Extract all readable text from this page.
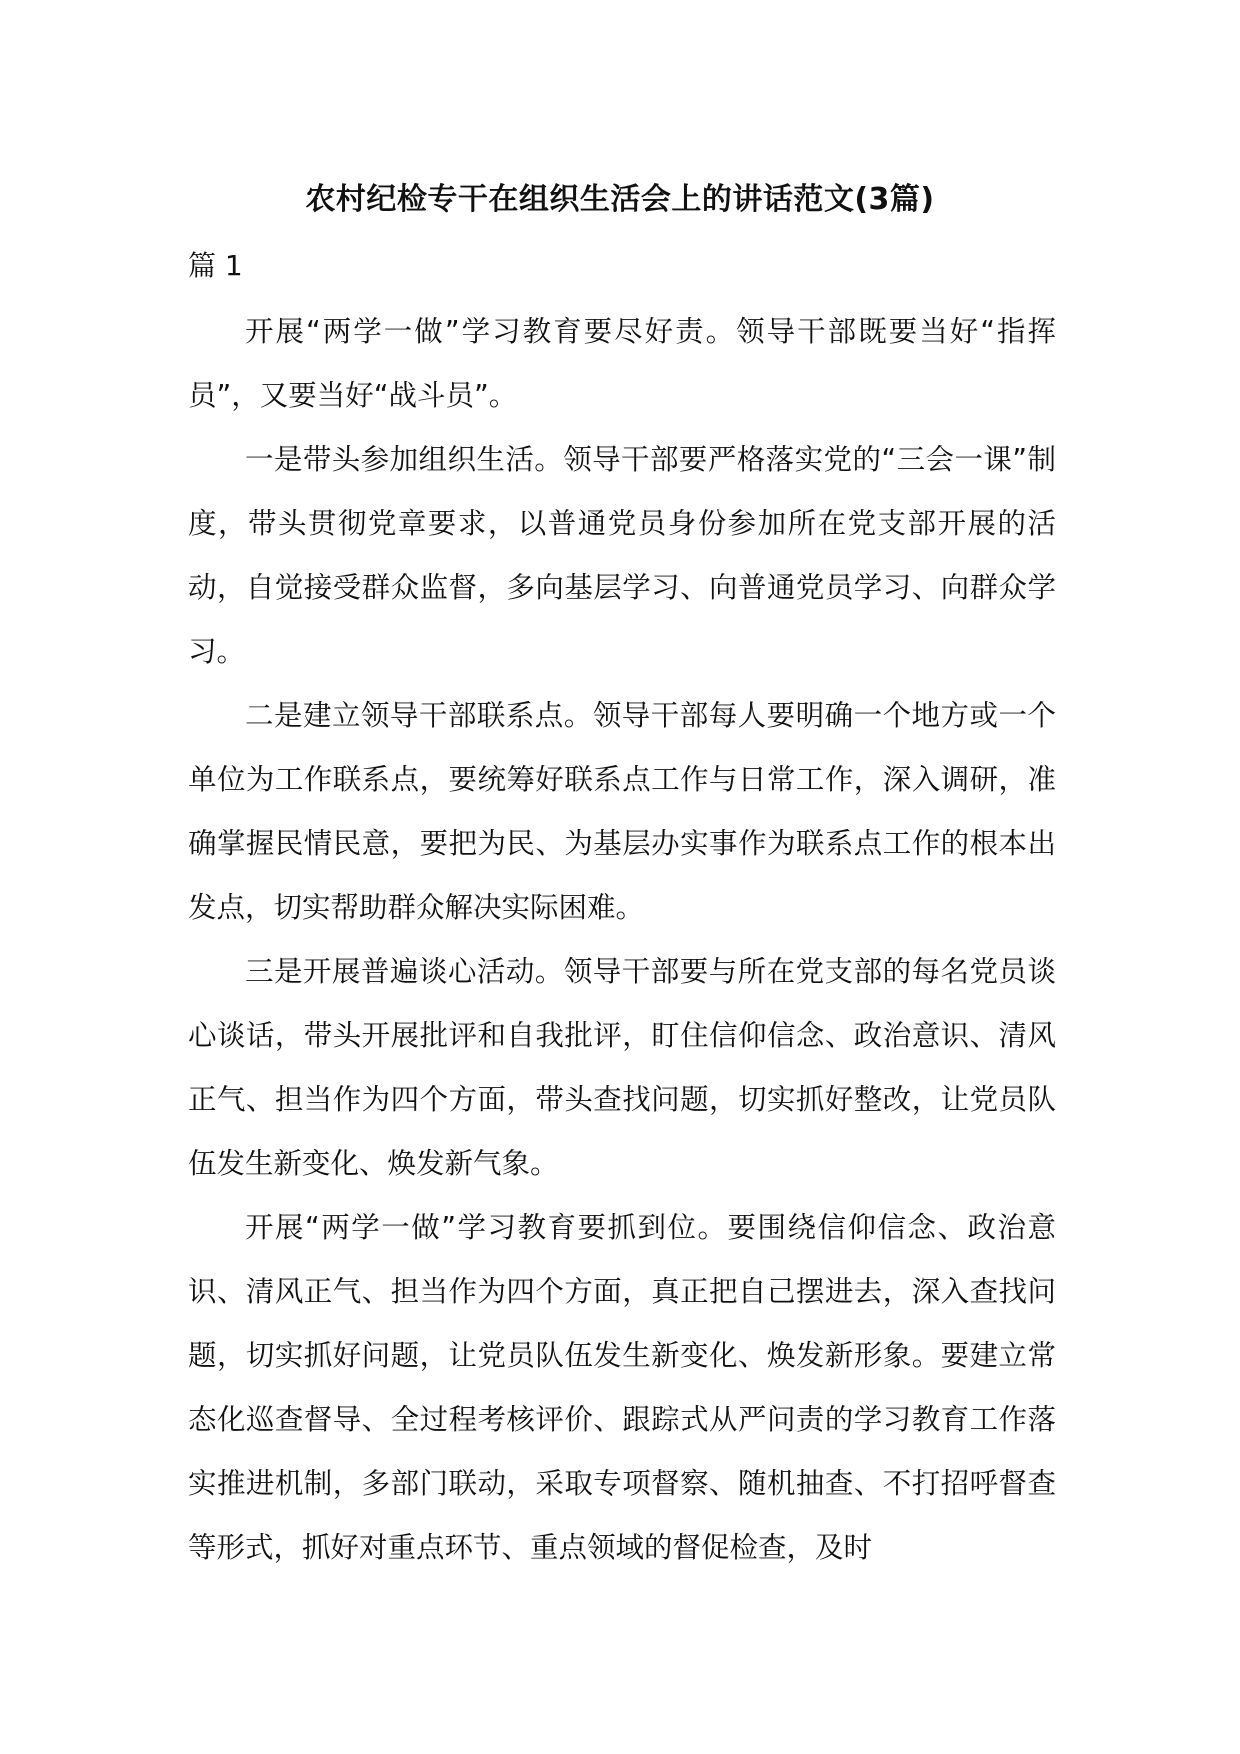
农村纪检专干在组织生活会上的讲话范文(3篇)
篇 1

开展“两学一做”学习教育要尽好责。领导干部既要当好“指挥员”，又要当好“战斗员”。

一是带头参加组织生活。领导干部要严格落实党的“三会一课”制度，带头贯彻党章要求，以普通党员身份参加所在党支部开展的活动，自觉接受群众监督，多向基层学习、向普通党员学习、向群众学习。

二是建立领导干部联系点。领导干部每人要明确一个地方或一个单位为工作联系点，要统筹好联系点工作与日常工作，深入调研，准确掌握民情民意，要把为民、为基层办实事作为联系点工作的根本出发点，切实帮助群众解决实际困难。

三是开展普遍谈心活动。领导干部要与所在党支部的每名党员谈心谈话，带头开展批评和自我批评，盯住信仰信念、政治意识、清风正气、担当作为四个方面，带头查找问题，切实抓好整改，让党员队伍发生新变化、焕发新气象。

开展“两学一做”学习教育要抓到位。要围绕信仰信念、政治意识、清风正气、担当作为四个方面，真正把自己摆进去，深入查找问题，切实抓好问题，让党员队伍发生新变化、焕发新形象。要建立常态化巡查督导、全过程考核评价、跟踪式从严问责的学习教育工作落实推进机制，多部门联动，采取专项督察、随机抽查、不打招呼督查等形式，抓好对重点环节、重点领域的督促检查，及时
